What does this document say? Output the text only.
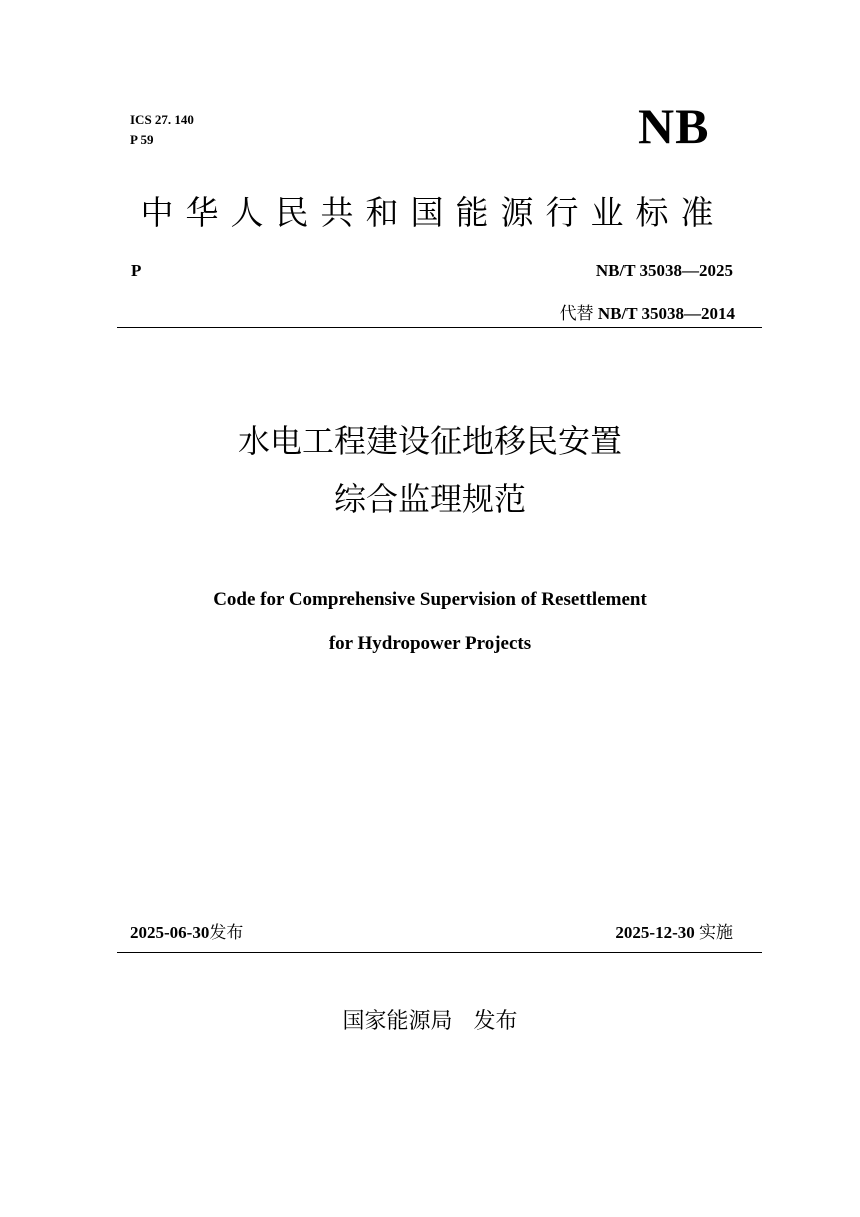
ICS 27. 140
P 59	NB
中华人民共和国能源行业标准
P	NB/T 35038—2025
代替 NB/T 35038—2014
水电工程建设征地移民安置
综合监理规范
Code for Comprehensive Supervision of Resettlement
for Hydropower Projects
2025-06-30发布	2025-12-30 实施
国家能源局 发布
